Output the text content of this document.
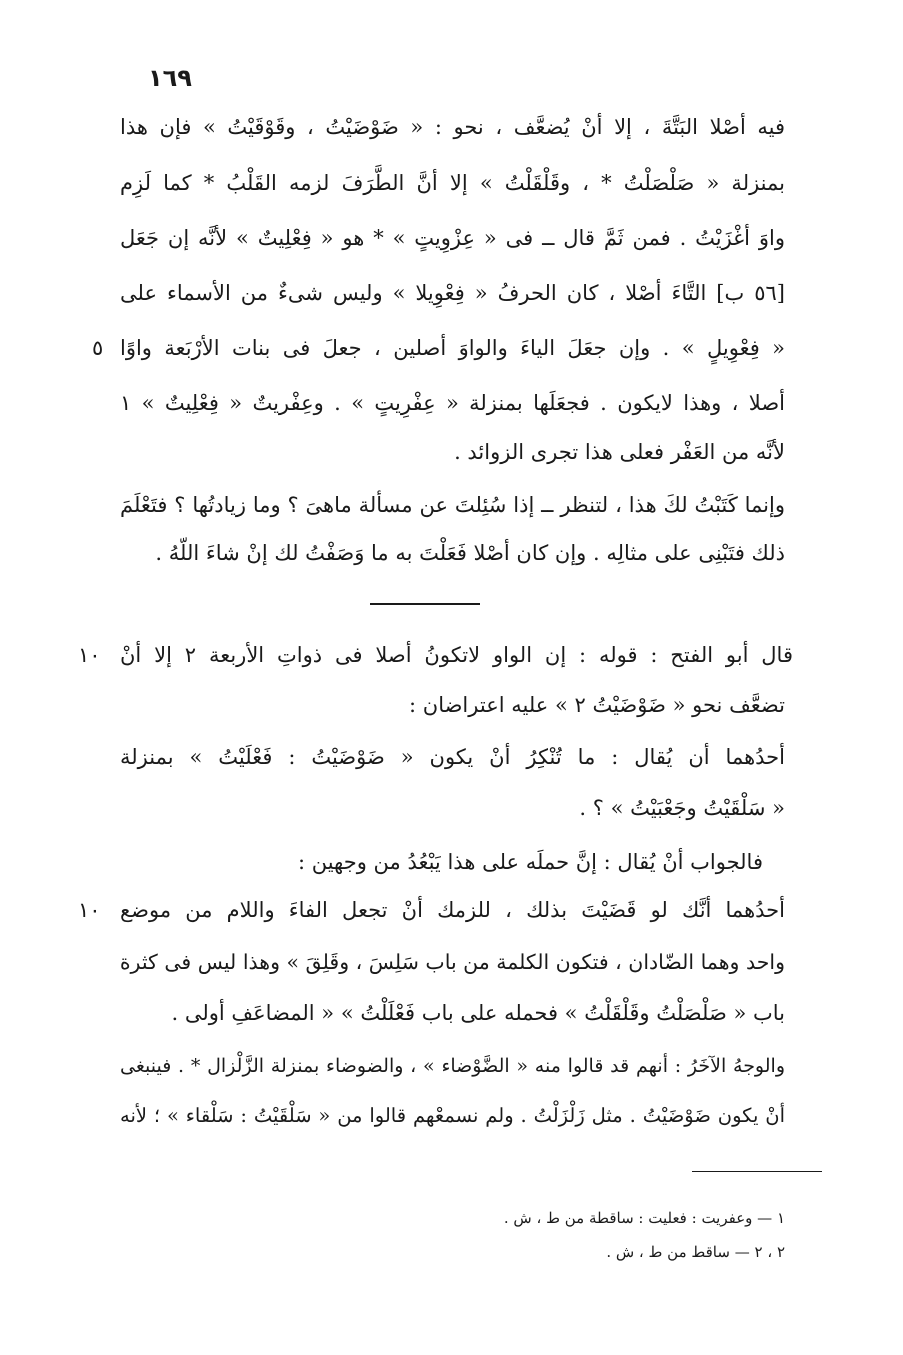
١٦٩
فيه أصْلا البَتَّةَ ، إلا أنْ يُضعَّف ، نحو : « ضَوْضَيْتُ ، وقَوْقَيْتُ » فإن هذا
بمنزلة « صَلْصَلْتُ * ، وقَلْقَلْتُ » إلا أنَّ الطَّرَفَ لزمه القَلْبُ * كما لَزِم
واوَ أغْزَيْتُ . فمن ثَمَّ قال ــ فى « عِزْوِيتٍ » * هو « فِعْلِيتٌ » لأنَّه إن جَعَل
[٥٦ ب] التَّاءَ أصْلا ، كان الحرفُ « فِعْوِيلا » وليس شىءٌ من الأسماء على
« فِعْوِيلٍ » . وإن جعَلَ الياءَ والواوَ أصلين ، جعلَ فى بنات الأرْبَعة واوًا
أصلا ، وهذا لايكون . فجعَلَها بمنزلة « عِفْرِيتٍ » . وعِفْريتٌ « فِعْلِيتٌ » ١
لأنَّه من العَفْر فعلى هذا تجرى الزوائد .
وإنما كَتَبْتُ لكَ هذا ، لتنظر ــ إذا سُئِلتَ عن مسألة ماهىَ ؟ وما زيادتُها ؟ فتَعْلَمَ
ذلك فتَبْنِى على مثالِه . وإن كان أصْلا فَعَلْتَ به ما وَصَفْتُ لك إنْ شاءَ اللّهُ .
قال أبو الفتح : قوله : إن الواو لاتكونُ أصلا فى ذواتِ الأربعة ٢ إلا أنْ
تضعَّف نحو « ضَوْضَيْتُ ٢ » عليه اعتراضان :
أحدُهما أن يُقال : ما تُنْكِرُ أنْ يكون « ضَوْضَيْتُ : فَعْلَيْتُ » بمنزلة
« سَلْقَيْتُ وجَعْبَيْتُ » ؟ .
فالجواب أنْ يُقال : إنَّ حملَه على هذا يَبْعُدُ من وجهين :
أحدُهما أنَّك لو قَضَيْتَ بذلك ، للزمك أنْ تجعل الفاءَ واللام من موضع
واحد وهما الضّادان ، فتكون الكلمة من باب سَلِسَ ، وقَلِقَ » وهذا ليس فى كثرة
باب « صَلْصَلْتُ وقَلْقَلْتُ » فحمله على باب فَعْلَلْتُ » « المضاعَفِ أولى .
والوجهُ الآخَرُ : أنهم قد قالوا منه « الضَّوْضاء » ، والضوضاء بمنزلة الزَّلْزال * . فينبغى
أنْ يكون ضَوْضَيْتُ . مثل زَلْزَلْتُ . ولم نسمعْهم قالوا من « سَلْقَيْتُ : سَلْقاء » ؛ لأنه
٥
١٠
١٠
١ — وعفريت : فعليت : ساقطة من ط ، ش .
٢ ، ٢ — ساقط من ط ، ش .
